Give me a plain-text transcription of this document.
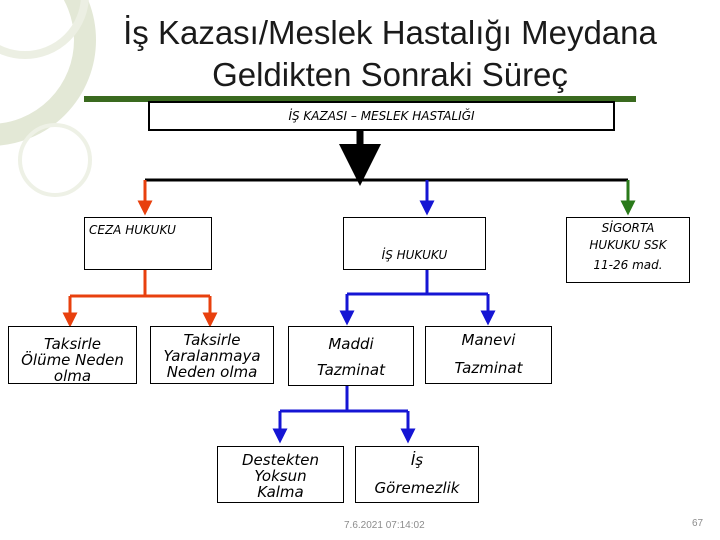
İş Kazası/Meslek Hastalığı Meydana
Geldikten Sonraki Süreç
İŞ KAZASI – MESLEK HASTALIĞI
CEZA HUKUKU
İŞ HUKUKU
SİGORTA
HUKUKU SSK
11-26 mad.
Taksirle
Ölüme Neden
olma
Taksirle
Yaralanmaya
Neden olma
Maddi
Tazminat
Manevi
Tazminat
Destekten
Yoksun
Kalma
İş
Göremezlik
7.6.2021 07:14:02	67
